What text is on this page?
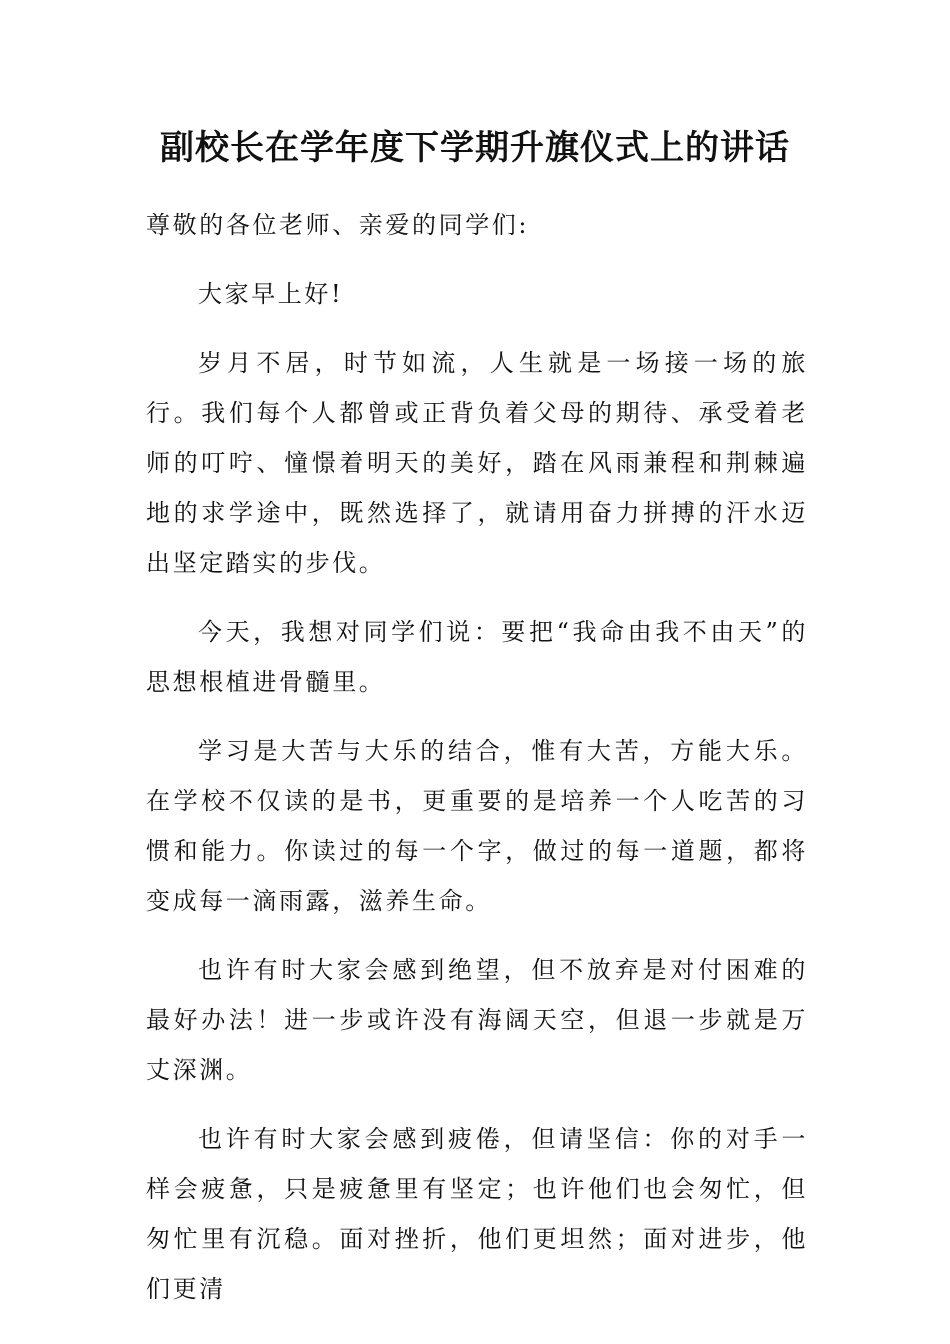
副校长在学年度下学期升旗仪式上的讲话

尊敬的各位老师、亲爱的同学们:

大家早上好!

岁月不居，时节如流，人生就是一场接一场的旅行。我们每个人都曾或正背负着父母的期待、承受着老师的叮咛、憧憬着明天的美好，踏在风雨兼程和荆棘遍地的求学途中，既然选择了，就请用奋力拼搏的汗水迈出坚定踏实的步伐。

今天，我想对同学们说：要把“我命由我不由天”的思想根植进骨髓里。

学习是大苦与大乐的结合，惟有大苦，方能大乐。在学校不仅读的是书，更重要的是培养一个人吃苦的习惯和能力。你读过的每一个字，做过的每一道题，都将变成每一滴雨露，滋养生命。

也许有时大家会感到绝望，但不放弃是对付困难的最好办法！进一步或许没有海阔天空，但退一步就是万丈深渊。

也许有时大家会感到疲倦，但请坚信：你的对手一样会疲惫，只是疲惫里有坚定；也许他们也会匆忙，但匆忙里有沉稳。面对挫折，他们更坦然；面对进步，他们更清
